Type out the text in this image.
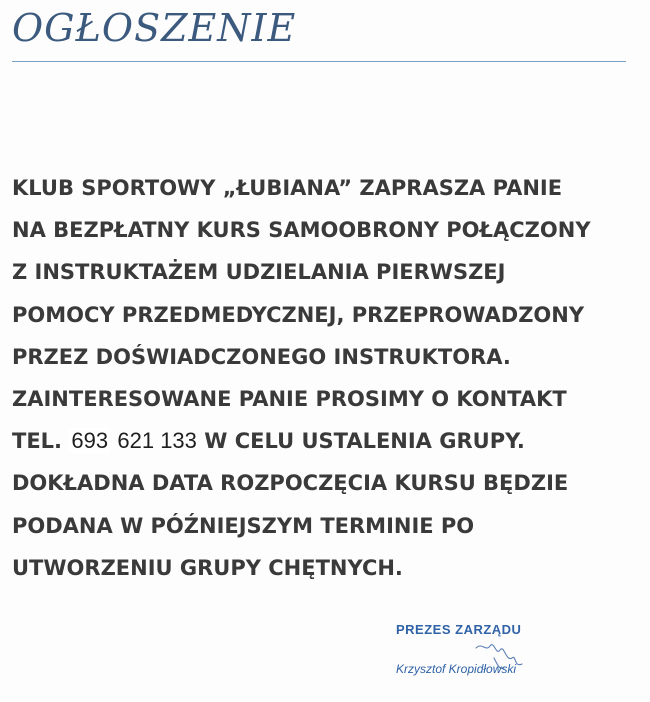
OGŁOSZENIE
KLUB SPORTOWY „ŁUBIANA” ZAPRASZA PANIE
NA BEZPŁATNY KURS SAMOOBRONY POŁĄCZONY
Z INSTRUKTAŻEM UDZIELANIA PIERWSZEJ
POMOCY PRZEDMEDYCZNEJ, PRZEPROWADZONY
PRZEZ DOŚWIADCZONEGO INSTRUKTORA.
ZAINTERESOWANE PANIE PROSIMY O KONTAKT
TEL. 693 621 133 W CELU USTALENIA GRUPY.
DOKŁADNA DATA ROZPOCZĘCIA KURSU BĘDZIE
PODANA W PÓŹNIEJSZYM TERMINIE PO
UTWORZENIU GRUPY CHĘTNYCH.
PREZES ZARZĄDU
Krzysztof Kropidłowski
